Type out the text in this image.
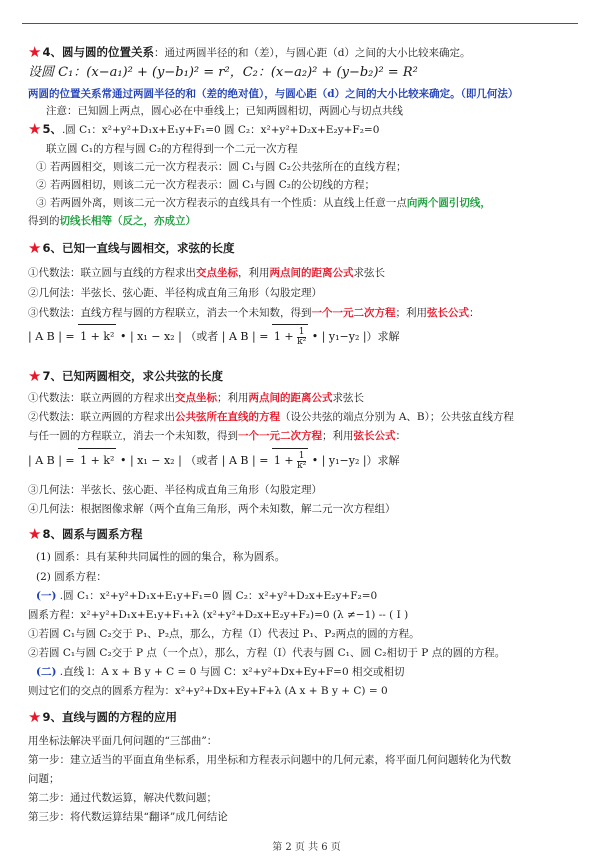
★4、圆与圆的位置关系：通过两圆半径的和（差），与圆心距（d）之间的大小比较来确定。
设圆 C₁：(x−a₁)² + (y−b₁)² = r²，C₂：(x−a₂)² + (y−b₂)² = R²
两圆的位置关系常通过两圆半径的和（差的绝对值），与圆心距（d）之间的大小比较来确定。（即几何法）
注意：已知圆上两点，圆心必在中垂线上；已知两圆相切，两圆心与切点共线
★5、.圆 C₁：x²+y²+D₁x+E₁y+F₁=0 圆 C₂：x²+y²+D₂x+E₂y+F₂=0
联立圆 C₁的方程与圆 C₂的方程得到一个二元一次方程
① 若两圆相交，则该二元一次方程表示：圆 C₁与圆 C₂公共弦所在的直线方程；
② 若两圆相切，则该二元一次方程表示：圆 C₁与圆 C₂的公切线的方程；
③ 若两圆外离，则该二元一次方程表示的直线具有一个性质：从直线上任意一点向两个圆引切线，
得到的切线长相等（反之，亦成立）
★6、已知一直线与圆相交，求弦的长度
①代数法：联立圆与直线的方程求出交点坐标，利用两点间的距离公式求弦长
②几何法：半弦长、弦心距、半径构成直角三角形（勾股定理）
③代数法：直线方程与圆的方程联立，消去一个未知数，得到一个一元二次方程；利用弦长公式：
| A B | = 1 + k² • | x₁ − x₂ | （或者 | A B | = $1 + \frac{1}{\text{k²}}$ • | y₁−y₂ |）求解
★7、已知两圆相交，求公共弦的长度
①代数法：联立两圆的方程求出交点坐标；利用两点间的距离公式求弦长
②代数法：联立两圆的方程求出公共弦所在直线的方程（设公共弦的端点分别为 A、B）；公共弦直线方程
与任一圆的方程联立，消去一个未知数，得到一个一元二次方程；利用弦长公式：
| A B | = 1 + k² • | x₁ − x₂ | （或者 | A B | = $1 + \frac{1}{\text{k²}}$ • | y₁−y₂ |）求解
③几何法：半弦长、弦心距、半径构成直角三角形（勾股定理）
④几何法：根据图像求解（两个直角三角形，两个未知数，解二元一次方程组）
★8、圆系与圆系方程
(1) 圆系：具有某种共同属性的圆的集合，称为圆系。
(2) 圆系方程：
(一) .圆 C₁：x²+y²+D₁x+E₁y+F₁=0 圆 C₂：x²+y²+D₂x+E₂y+F₂=0
圆系方程：x²+y²+D₁x+E₁y+F₁+λ (x²+y²+D₂x+E₂y+F₂)=0 (λ ≠−1) -- ( Ⅰ )
①若圆 C₁与圆 C₂交于 P₁、P₂点，那么，方程（Ⅰ）代表过 P₁、P₂两点的圆的方程。
②若圆 C₁与圆 C₂交于 P 点（一个点），那么，方程（Ⅰ）代表与圆 C₁、圆 C₂相切于 P 点的圆的方程。
(二) .直线 l：A x + B y + C = 0 与圆 C：x²+y²+Dx+Ey+F=0 相交或相切
则过它们的交点的圆系方程为：x²+y²+Dx+Ey+F+λ (A x + B y + C) = 0
★9、直线与圆的方程的应用
用坐标法解决平面几何问题的“三部曲”：
第一步：建立适当的平面直角坐标系，用坐标和方程表示问题中的几何元素，将平面几何问题转化为代数
问题；
第二步：通过代数运算，解决代数问题；
第三步：将代数运算结果“翻译”成几何结论
第 2 页 共 6 页
